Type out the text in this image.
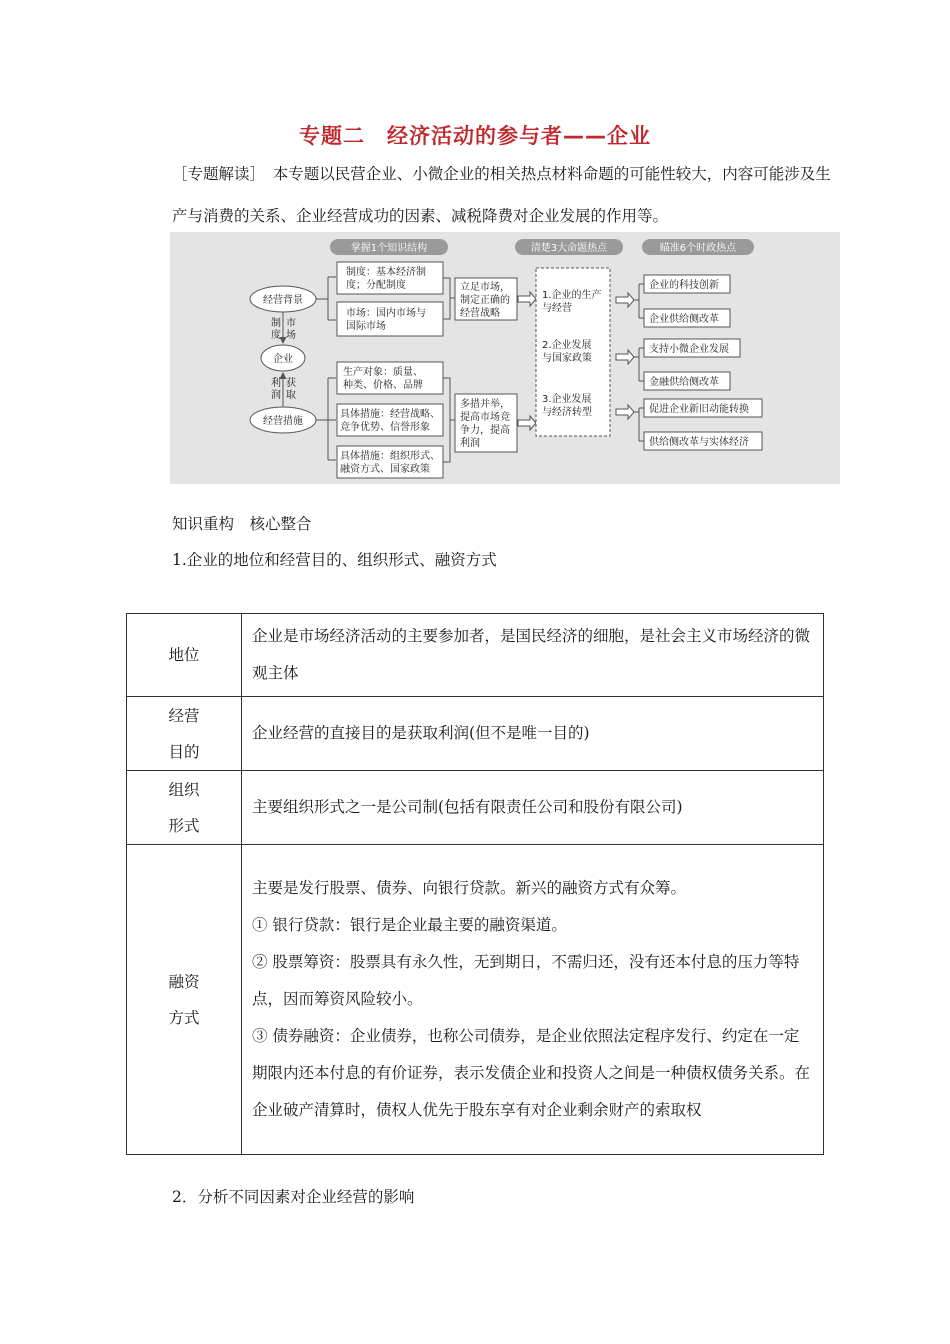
专题二　经济活动的参与者——企业
［专题解读］　本专题以民营企业、小微企业的相关热点材料命题的可能性较大，内容可能涉及生产与消费的关系、企业经营成功的因素、减税降费对企业发展的作用等。
掌握1个知识结构	清楚3大命题热点	瞄准6个时政热点
经营背景
企业
经营措施
制
度
市
场
利
润
获
取
制度：基本经济制
度；分配制度
市场：国内市场与
国际市场
生产对象：质量、
种类、价格、品牌
具体措施：经营战略、
竞争优势、信誉形象
具体措施：组织形式、
融资方式、国家政策
立足市场，
制定正确的
经营战略
多措并举，
提高市场竞
争力，提高
利润
1.企业的生产
与经营
2.企业发展
与国家政策
3.企业发展
与经济转型
企业的科技创新
企业供给侧改革
支持小微企业发展
金融供给侧改革
促进企业新旧动能转换
供给侧改革与实体经济
知识重构　核心整合
1.企业的地位和经营目的、组织形式、融资方式
地位	企业是市场经济活动的主要参加者，是国民经济的细胞，是社会主义市场经济的微观主体

经营
目的	企业经营的直接目的是获取利润(但不是唯一目的)

组织
形式	主要组织形式之一是公司制(包括有限责任公司和股份有限公司)

融资
方式	主要是发行股票、债券、向银行贷款。新兴的融资方式有众筹。
① 银行贷款：银行是企业最主要的融资渠道。
② 股票筹资：股票具有永久性，无到期日，不需归还，没有还本付息的压力等特点，因而筹资风险较小。
③ 债券融资：企业债券，也称公司债券，是企业依照法定程序发行、约定在一定期限内还本付息的有价证券，表示发债企业和投资人之间是一种债权债务关系。在企业破产清算时，债权人优先于股东享有对企业剩余财产的索取权
2．分析不同因素对企业经营的影响
